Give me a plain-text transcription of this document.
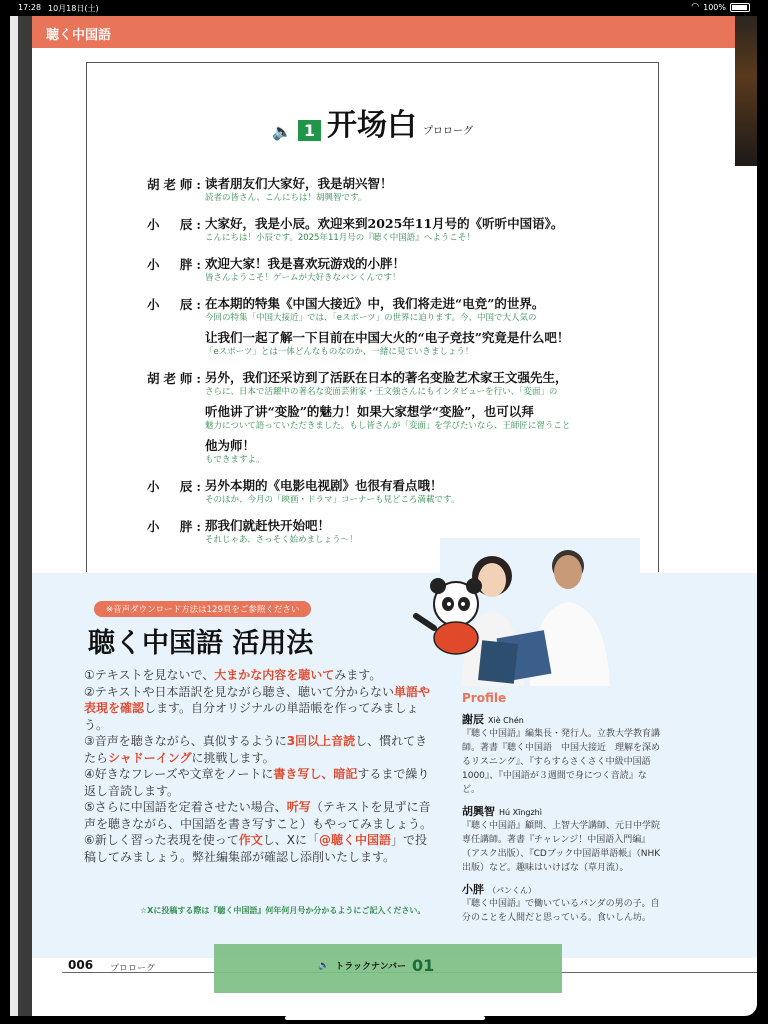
17:28 10月18日(土)	◠ 100%
聴く中国語
🔈 1 开场白 プロローグ
胡老师: 读者朋友们大家好，我是胡兴智！
読者の皆さん、こんにちは！胡興智です。
小　辰: 大家好，我是小辰。欢迎来到2025年11月号的《听听中国语》。
こんにちは！小辰です。2025年11月号の『聴く中国語』へようこそ！
小　胖: 欢迎大家！我是喜欢玩游戏的小胖！
皆さんようこそ！ゲームが大好きなパンくんです！
小　辰: 在本期的特集《中国大接近》中，我们将走进“电竞”的世界。
今回の特集「中国大接近」では、「eスポーツ」の世界に迫ります。今、中国で大人気の
让我们一起了解一下目前在中国大火的“电子竞技”究竟是什么吧！
「eスポーツ」とは一体どんなものなのか、一緒に見ていきましょう！
胡老师: 另外，我们还采访到了活跃在日本的著名变脸艺术家王文强先生，
さらに、日本で活躍中の著名な変面芸術家・王文強さんにもインタビューを行い、「変面」の
听他讲了讲“变脸”的魅力！如果大家想学“变脸”，也可以拜
魅力について語っていただきました。もし皆さんが「変面」を学びたいなら、王師匠に習うこと
他为师！
もできますよ。
小　辰: 另外本期的《电影电视剧》也很有看点哦！
そのほか、今月の「映画・ドラマ」コーナーも見どころ満載です。
小　胖: 那我们就赶快开始吧！
それじゃあ、さっそく始めましょう～！
※音声ダウンロード方法は129頁をご参照ください
聴く中国語 活用法

①テキストを見ないで、大まかな内容を聴いてみます。

②テキストや日本語訳を見ながら聴き、聴いて分からない単語や表現を確認します。自分オリジナルの単語帳を作ってみましょう。

③音声を聴きながら、真似するように3回以上音読し、慣れてきたらシャドーイングに挑戦します。

④好きなフレーズや文章をノートに書き写し、暗記するまで繰り返し音読します。

⑤さらに中国語を定着させたい場合、听写（テキストを見ずに音声を聴きながら、中国語を書き写すこと）もやってみましょう。

⑥新しく習った表現を使って作文し、Xに「@聴く中国語」で投稿してみましょう。弊社編集部が確認し添削いたします。

☆Xに投稿する際は『聴く中国語』何年何月号か分かるようにご記入ください。
Profile
謝辰 Xiè Chén
『聴く中国語』編集長・発行人。立教大学教育講師。著書『聴く中国語　中国大接近　理解を深めるリスニング』、『すらすらさくさく中級中国語1000』、『中国語が３週間で身につく音読』など。
胡興智 Hú Xīngzhì
『聴く中国語』顧問、上智大学講師、元日中学院専任講師。著書『チャレンジ！中国語入門編』（アスク出版）、『CDブック中国語単語帳』（NHK出版）など。趣味はいけばな（草月流）。
小胖 （パンくん）
『聴く中国語』で働いているパンダの男の子。自分のことを人間だと思っている。食いしん坊。
006 プロローグ	🔈 トラックナンバー 01
